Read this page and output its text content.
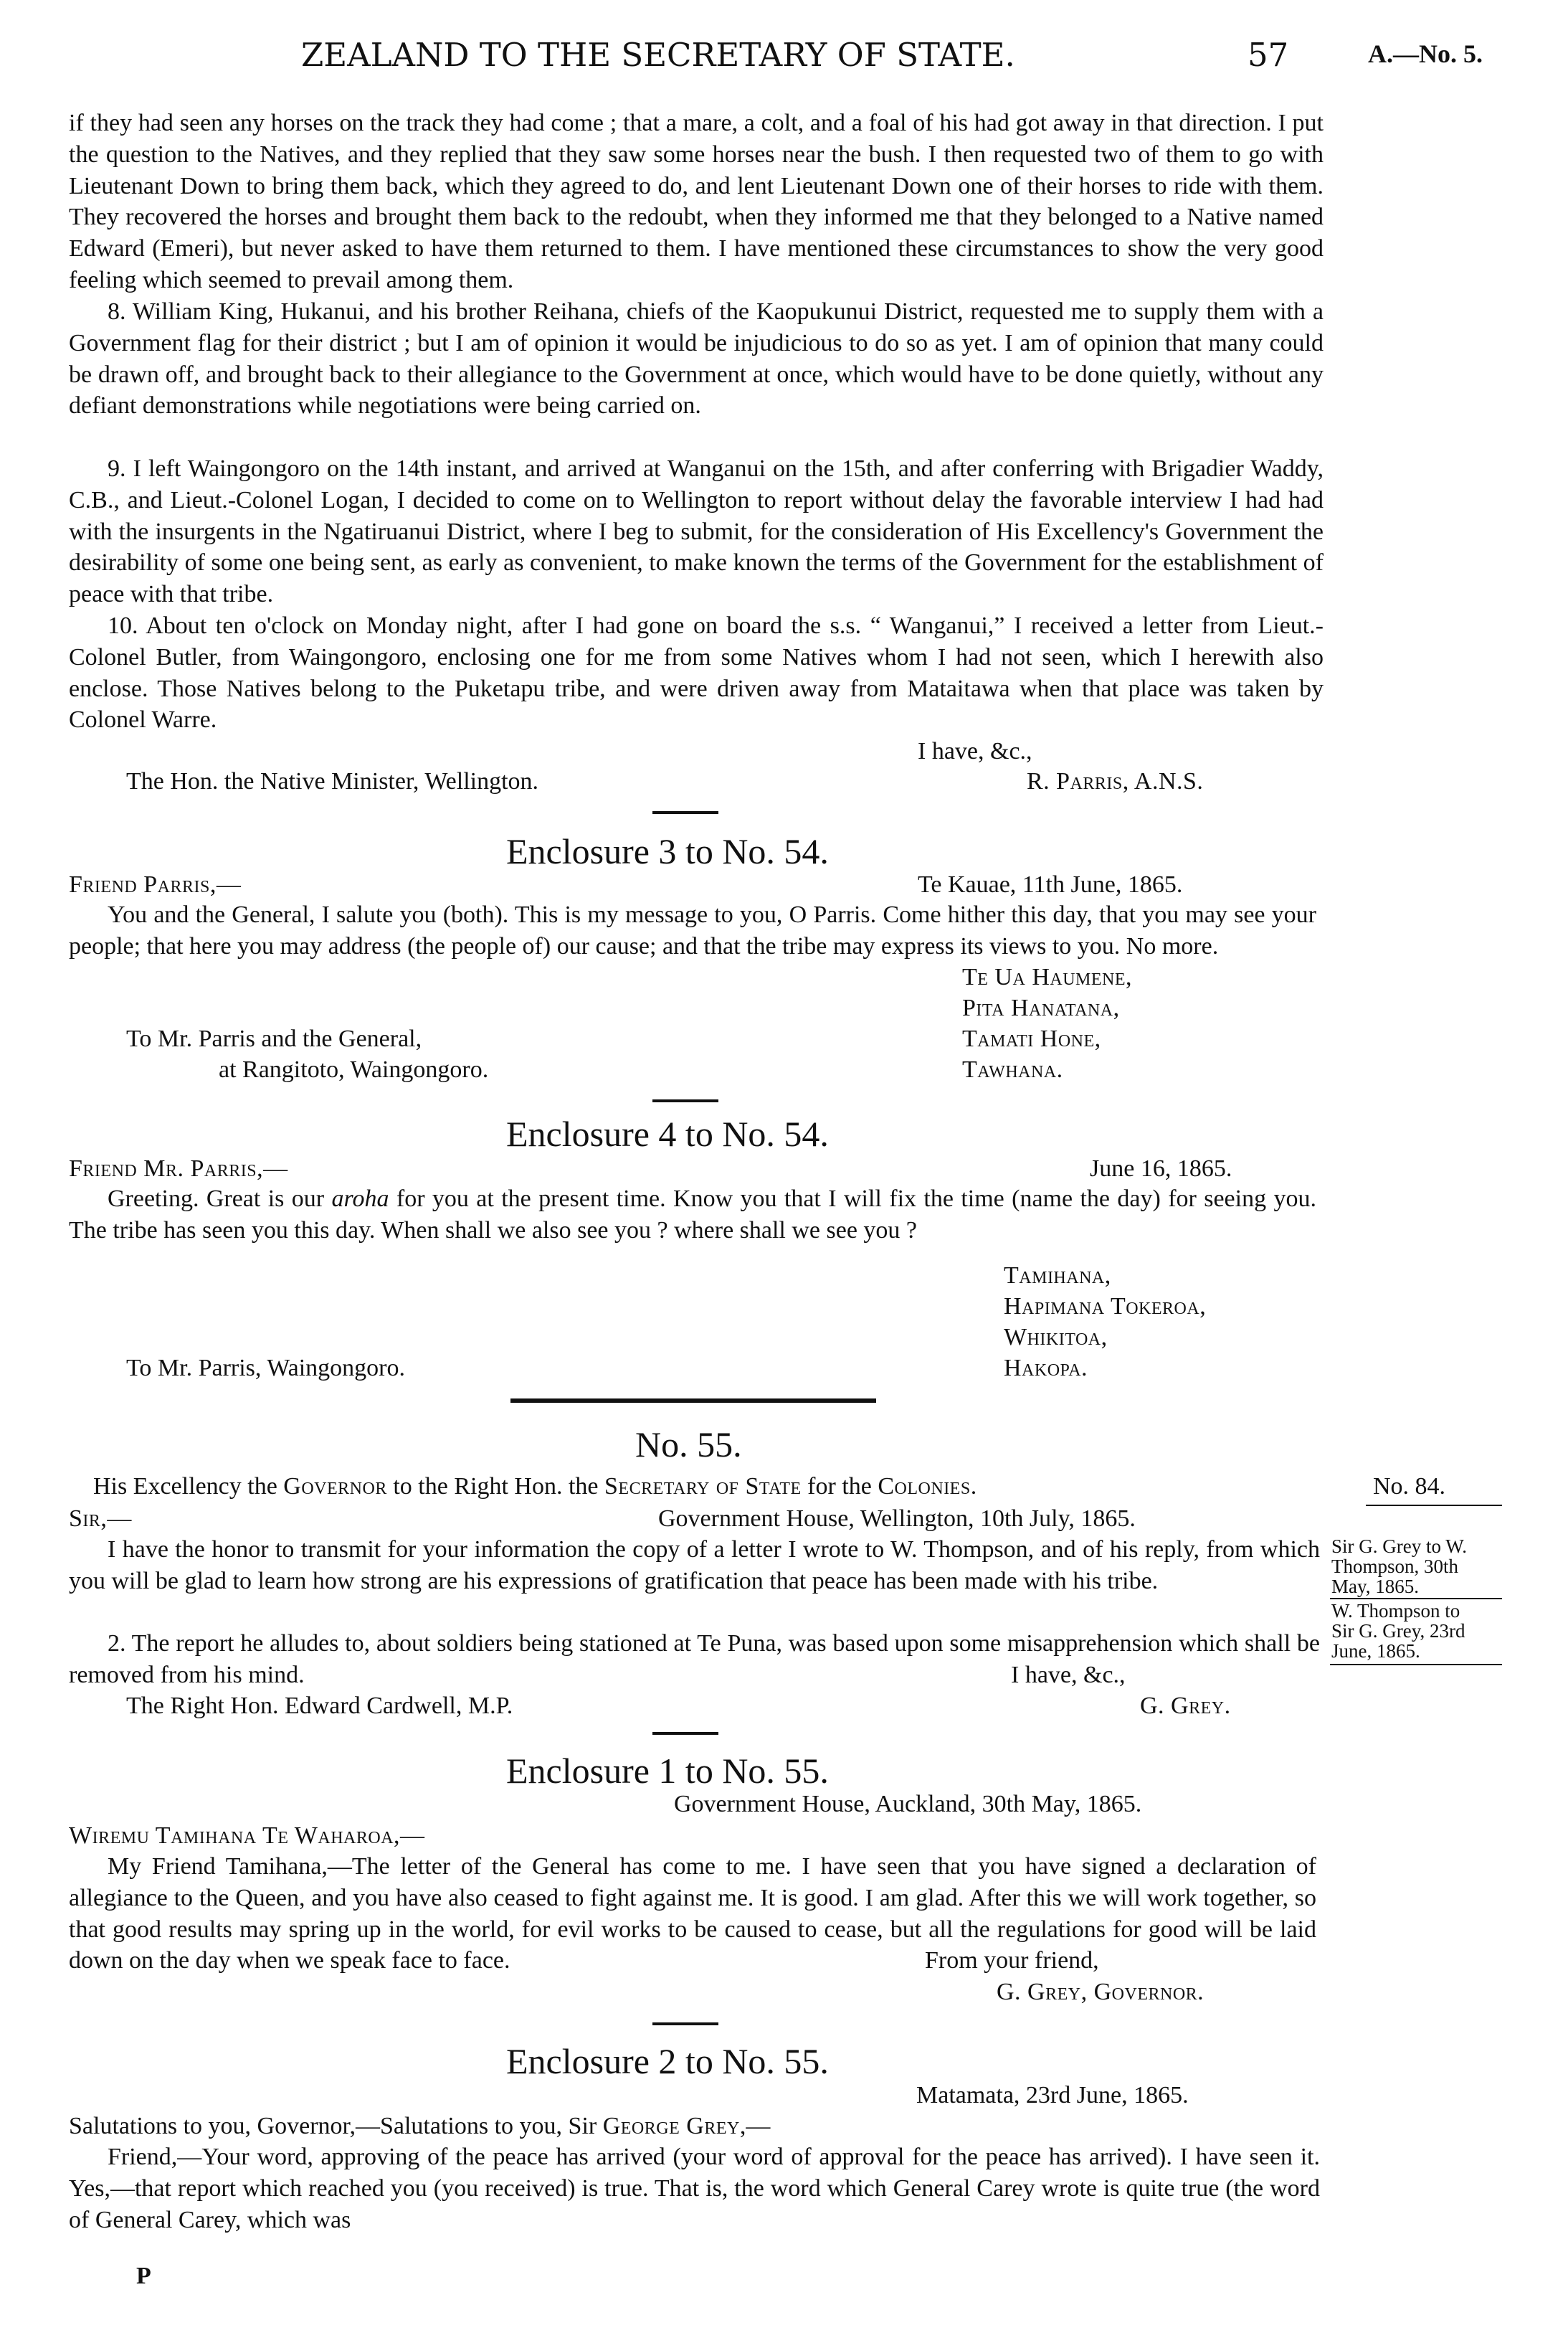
ZEALAND TO THE SECRETARY OF STATE.	57	A.—No. 5.
if they had seen any horses on the track they had come ; that a mare, a colt, and a foal of his had got away in that direction. I put the question to the Natives, and they replied that they saw some horses near the bush. I then requested two of them to go with Lieutenant Down to bring them back, which they agreed to do, and lent Lieutenant Down one of their horses to ride with them. They recovered the horses and brought them back to the redoubt, when they informed me that they belonged to a Native named Edward (Emeri), but never asked to have them returned to them. I have mentioned these circumstances to show the very good feeling which seemed to prevail among them.
8. William King, Hukanui, and his brother Reihana, chiefs of the Kaopukunui District, requested me to supply them with a Government flag for their district ; but I am of opinion it would be injudicious to do so as yet. I am of opinion that many could be drawn off, and brought back to their allegiance to the Government at once, which would have to be done quietly, without any defiant demonstrations while negotiations were being carried on.
9. I left Waingongoro on the 14th instant, and arrived at Wanganui on the 15th, and after conferring with Brigadier Waddy, C.B., and Lieut.-Colonel Logan, I decided to come on to Wellington to report without delay the favorable interview I had had with the insurgents in the Ngatiruanui District, where I beg to submit, for the consideration of His Excellency's Government the desirability of some one being sent, as early as convenient, to make known the terms of the Government for the establishment of peace with that tribe.
10. About ten o'clock on Monday night, after I had gone on board the s.s. “ Wanganui,” I received a letter from Lieut.-Colonel Butler, from Waingongoro, enclosing one for me from some Natives whom I had not seen, which I herewith also enclose. Those Natives belong to the Puketapu tribe, and were driven away from Mataitawa when that place was taken by Colonel Warre.
I have, &c.,
The Hon. the Native Minister, Wellington.	R. Parris, A.N.S.
Enclosure 3 to No. 54.
Friend Parris,—	Te Kauae, 11th June, 1865.
You and the General, I salute you (both). This is my message to you, O Parris. Come hither this day, that you may see your people; that here you may address (the people of) our cause; and that the tribe may express its views to you. No more.
Te Ua Haumene,
Pita Hanatana,
Tamati Hone,
Tawhana.
To Mr. Parris and the General,
at Rangitoto, Waingongoro.
Enclosure 4 to No. 54.
Friend Mr. Parris,—	June 16, 1865.
Greeting. Great is our aroha for you at the present time. Know you that I will fix the time (name the day) for seeing you. The tribe has seen you this day. When shall we also see you ? where shall we see you ?
Tamihana,
Hapimana Tokeroa,
Whikitoa,
Hakopa.
To Mr. Parris, Waingongoro.
No. 55.
His Excellency the Governor to the Right Hon. the Secretary of State for the Colonies.	No. 84.
Sir,—	Government House, Wellington, 10th July, 1865.
I have the honor to transmit for your information the copy of a letter I wrote to W. Thompson, and of his reply, from which you will be glad to learn how strong are his expressions of gratification that peace has been made with his tribe.
2. The report he alludes to, about soldiers being stationed at Te Puna, was based upon some misapprehension which shall be removed from his mind.	I have, &c.,
The Right Hon. Edward Cardwell, M.P.	G. Grey.
Sir G. Grey to W.
Thompson, 30th
May, 1865.
W. Thompson to
Sir G. Grey, 23rd
June, 1865.
Enclosure 1 to No. 55.
Government House, Auckland, 30th May, 1865.
Wiremu Tamihana Te Waharoa,—
My Friend Tamihana,—The letter of the General has come to me. I have seen that you have signed a declaration of allegiance to the Queen, and you have also ceased to fight against me. It is good. I am glad. After this we will work together, so that good results may spring up in the world, for evil works to be caused to cease, but all the regulations for good will be laid down on the day when we speak face to face.	From your friend,
G. Grey, Governor.
Enclosure 2 to No. 55.
Matamata, 23rd June, 1865.
Salutations to you, Governor,—Salutations to you, Sir George Grey,—
Friend,—Your word, approving of the peace has arrived (your word of approval for the peace has arrived). I have seen it. Yes,—that report which reached you (you received) is true. That is, the word which General Carey wrote is quite true (the word of General Carey, which was
P
